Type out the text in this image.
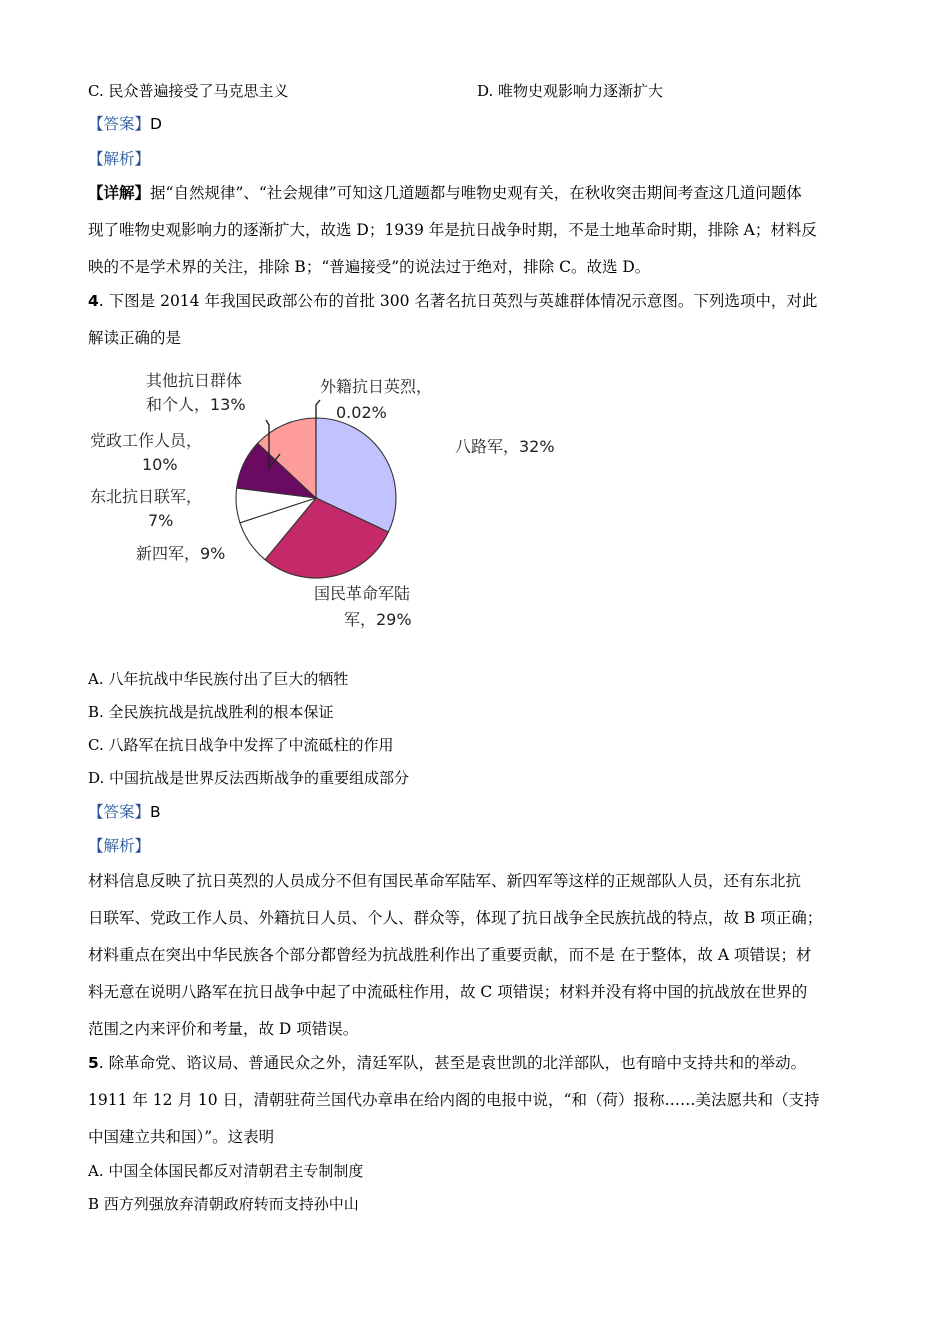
C. 民众普遍接受了马克思主义	D. 唯物史观影响力逐渐扩大
【答案】D
【解析】
【详解】据“自然规律”、“社会规律”可知这几道题都与唯物史观有关，在秋收突击期间考查这几道问题体
现了唯物史观影响力的逐渐扩大，故选 D；1939 年是抗日战争时期，不是土地革命时期，排除 A；材料反
映的不是学术界的关注，排除 B；“普遍接受”的说法过于绝对，排除 C。故选 D。
4. 下图是 2014 年我国民政部公布的首批 300 名著名抗日英烈与英雄群体情况示意图。下列选项中，对此
解读正确的是
八路军，32%
国民革命军陆
军，29%
新四军，9%
东北抗日联军，
7%
党政工作人员，
10%
其他抗日群体
和个人，13%
外籍抗日英烈，
0.02%
A. 八年抗战中华民族付出了巨大的牺牲
B. 全民族抗战是抗战胜利的根本保证
C. 八路军在抗日战争中发挥了中流砥柱的作用
D. 中国抗战是世界反法西斯战争的重要组成部分
【答案】B
【解析】
材料信息反映了抗日英烈的人员成分不但有国民革命军陆军、新四军等这样的正规部队人员，还有东北抗
日联军、党政工作人员、外籍抗日人员、个人、群众等，体现了抗日战争全民族抗战的特点，故 B 项正确；
材料重点在突出中华民族各个部分都曾经为抗战胜利作出了重要贡献，而不是 在于整体，故 A 项错误；材
料无意在说明八路军在抗日战争中起了中流砥柱作用，故 C 项错误；材料并没有将中国的抗战放在世界的
范围之内来评价和考量，故 D 项错误。
5. 除革命党、谘议局、普通民众之外，清廷军队，甚至是袁世凯的北洋部队，也有暗中支持共和的举动。
1911 年 12 月 10 日，清朝驻荷兰国代办章串在给内阁的电报中说，“和（荷）报称……美法愿共和（支持
中国建立共和国）”。这表明
A. 中国全体国民都反对清朝君主专制制度
B 西方列强放弃清朝政府转而支持孙中山
